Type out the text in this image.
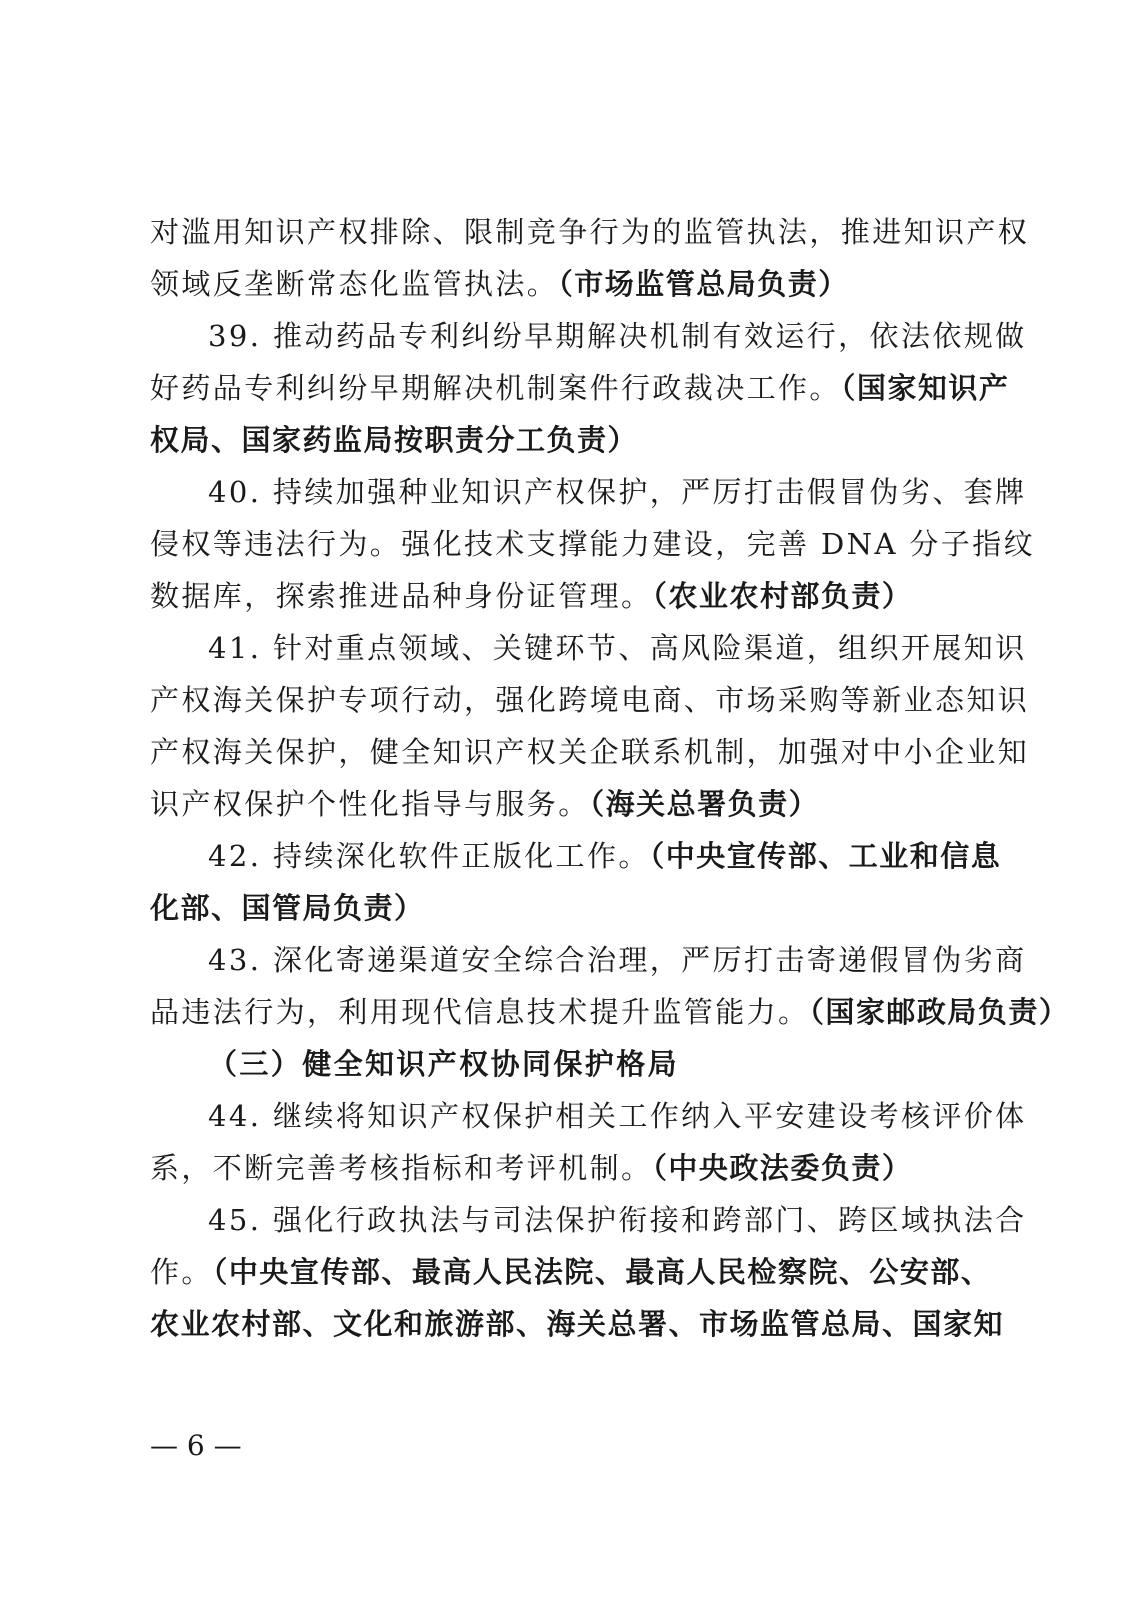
对滥用知识产权排除、限制竞争行为的监管执法，推进知识产权
领域反垄断常态化监管执法。（市场监管总局负责）
39. 推动药品专利纠纷早期解决机制有效运行，依法依规做
好药品专利纠纷早期解决机制案件行政裁决工作。（国家知识产
权局、国家药监局按职责分工负责）
40. 持续加强种业知识产权保护，严厉打击假冒伪劣、套牌
侵权等违法行为。强化技术支撑能力建设，完善 DNA 分子指纹
数据库，探索推进品种身份证管理。（农业农村部负责）
41. 针对重点领域、关键环节、高风险渠道，组织开展知识
产权海关保护专项行动，强化跨境电商、市场采购等新业态知识
产权海关保护，健全知识产权关企联系机制，加强对中小企业知
识产权保护个性化指导与服务。（海关总署负责）
42. 持续深化软件正版化工作。（中央宣传部、工业和信息
化部、国管局负责）
43. 深化寄递渠道安全综合治理，严厉打击寄递假冒伪劣商
品违法行为，利用现代信息技术提升监管能力。（国家邮政局负责）
（三）健全知识产权协同保护格局
44. 继续将知识产权保护相关工作纳入平安建设考核评价体
系，不断完善考核指标和考评机制。（中央政法委负责）
45. 强化行政执法与司法保护衔接和跨部门、跨区域执法合
作。（中央宣传部、最高人民法院、最高人民检察院、公安部、
农业农村部、文化和旅游部、海关总署、市场监管总局、国家知
— 6 —
